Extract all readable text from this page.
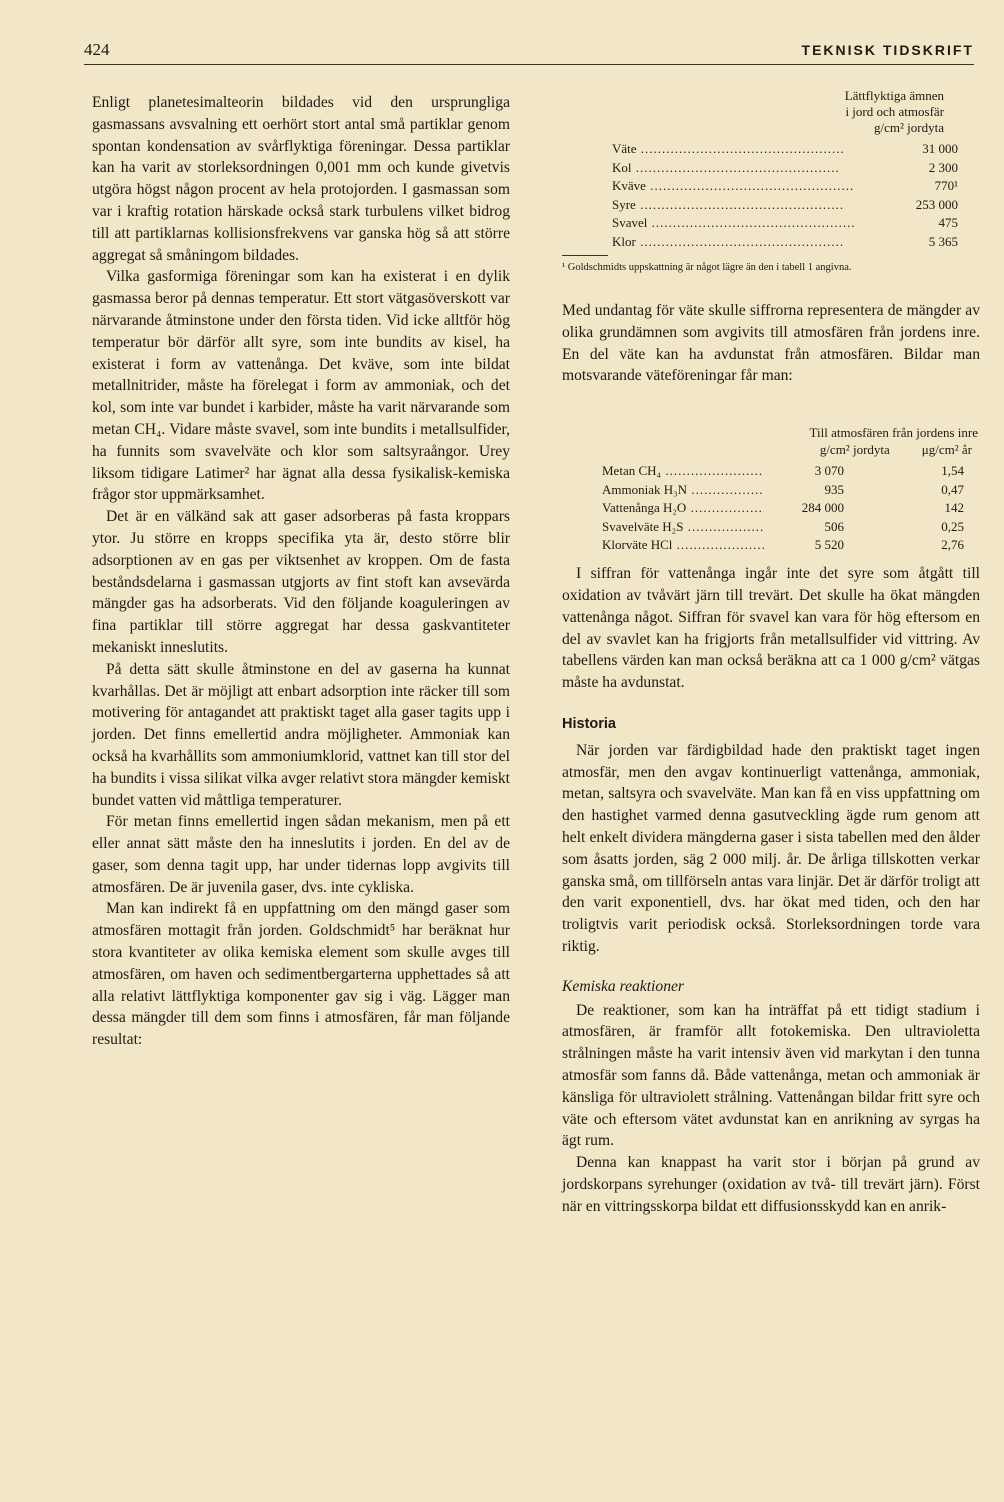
424	TEKNISK TIDSKRIFT

Enligt planetesimalteorin bildades vid den ursprungliga gasmassans avsvalning ett oerhört stort antal små partiklar genom spontan kondensation av svårflyktiga föreningar. Dessa partiklar kan ha varit av storleksordningen 0,001 mm och kunde givetvis utgöra högst någon procent av hela protojorden. I gasmassan som var i kraftig rotation härskade också stark turbulens vilket bidrog till att partiklarnas kollisionsfrekvens var ganska hög så att större aggregat så småningom bildades.

Vilka gasformiga föreningar som kan ha existerat i en dylik gasmassa beror på dennas temperatur. Ett stort vätgasöverskott var närvarande åtminstone under den första tiden. Vid icke alltför hög temperatur bör därför allt syre, som inte bundits av kisel, ha existerat i form av vattenånga. Det kväve, som inte bildat metallnitrider, måste ha förelegat i form av ammoniak, och det kol, som inte var bundet i karbider, måste ha varit närvarande som metan CH₄. Vidare måste svavel, som inte bundits i metallsulfider, ha funnits som svavelväte och klor som saltsyraångor. Urey liksom tidigare Latimer² har ägnat alla dessa fysikalisk-kemiska frågor stor uppmärksamhet.

Det är en välkänd sak att gaser adsorberas på fasta kroppars ytor. Ju större en kropps specifika yta är, desto större blir adsorptionen av en gas per viktsenhet av kroppen. Om de fasta beståndsdelarna i gasmassan utgjorts av fint stoft kan avsevärda mängder gas ha adsorberats. Vid den följande koaguleringen av fina partiklar till större aggregat har dessa gaskvantiteter mekaniskt inneslutits.

På detta sätt skulle åtminstone en del av gaserna ha kunnat kvarhållas. Det är möjligt att enbart adsorption inte räcker till som motivering för antagandet att praktiskt taget alla gaser tagits upp i jorden. Det finns emellertid andra möjligheter. Ammoniak kan också ha kvarhållits som ammoniumklorid, vattnet kan till stor del ha bundits i vissa silikat vilka avger relativt stora mängder kemiskt bundet vatten vid måttliga temperaturer.

För metan finns emellertid ingen sådan mekanism, men på ett eller annat sätt måste den ha inneslutits i jorden. En del av de gaser, som denna tagit upp, har under tidernas lopp avgivits till atmosfären. De är juvenila gaser, dvs. inte cykliska.

Man kan indirekt få en uppfattning om den mängd gaser som atmosfären mottagit från jorden. Goldschmidt⁵ har beräknat hur stora kvantiteter av olika kemiska element som skulle avges till atmosfären, om haven och sedimentbergarterna upphettades så att alla relativt lättflyktiga komponenter gav sig i väg. Lägger man dessa mängder till dem som finns i atmosfären, får man följande resultat:

Lättflyktiga ämnen
i jord och atmosfär
g/cm² jordyta
Väte .....	31 000
Kol .....	2 300
Kväve .....	770¹
Syre .....	253 000
Svavel .....	475
Klor .....	5 365
¹ Goldschmidts uppskattning är något lägre än den i tabell 1 angivna.

Med undantag för väte skulle siffrorna representera de mängder av olika grundämnen som avgivits till atmosfären från jordens inre. En del väte kan ha avdunstat från atmosfären. Bildar man motsvarande väteföreningar får man:

I siffran för vattenånga ingår inte det syre som åtgått till oxidation av tvåvärt järn till trevärt. Det skulle ha ökat mängden vattenånga något. Siffran för svavel kan vara för hög eftersom en del av svavlet kan ha frigjorts från metallsulfider vid vittring. Av tabellens värden kan man också beräkna att ca 1 000 g/cm² vätgas måste ha avdunstat.

Historia

När jorden var färdigbildad hade den praktiskt taget ingen atmosfär, men den avgav kontinuerligt vattenånga, ammoniak, metan, saltsyra och svavelväte. Man kan få en viss uppfattning om den hastighet varmed denna gasutveckling ägde rum genom att helt enkelt dividera mängderna gaser i sista tabellen med den ålder som åsatts jorden, säg 2 000 milj. år. De årliga tillskotten verkar ganska små, om tillförseln antas vara linjär. Det är därför troligt att den varit exponentiell, dvs. har ökat med tiden, och den har troligtvis varit periodisk också. Storleksordningen torde vara riktig.

Kemiska reaktioner

De reaktioner, som kan ha inträffat på ett tidigt stadium i atmosfären, är framför allt fotokemiska. Den ultravioletta strålningen måste ha varit intensiv även vid markytan i den tunna atmosfär som fanns då. Både vattenånga, metan och ammoniak är känsliga för ultraviolett strålning. Vattenångan bildar fritt syre och väte och eftersom vätet avdunstat kan en anrikning av syrgas ha ägt rum.

Denna kan knappast ha varit stor i början på grund av jordskorpans syrehunger (oxidation av två- till trevärt järn). Först när en vittringsskorpa bildat ett diffusionsskydd kan en anrik-

Till atmosfären från jordens inre
g/cm² jordyta μg/cm² år
Metan CH₄ .....	3 070	1,54
Ammoniak H₃N .....	935	0,47
Vattenånga H₂O .....	284 000	142
Svavelväte H₂S .....	506	0,25
Klorväte HCl .....	5 520	2,76
